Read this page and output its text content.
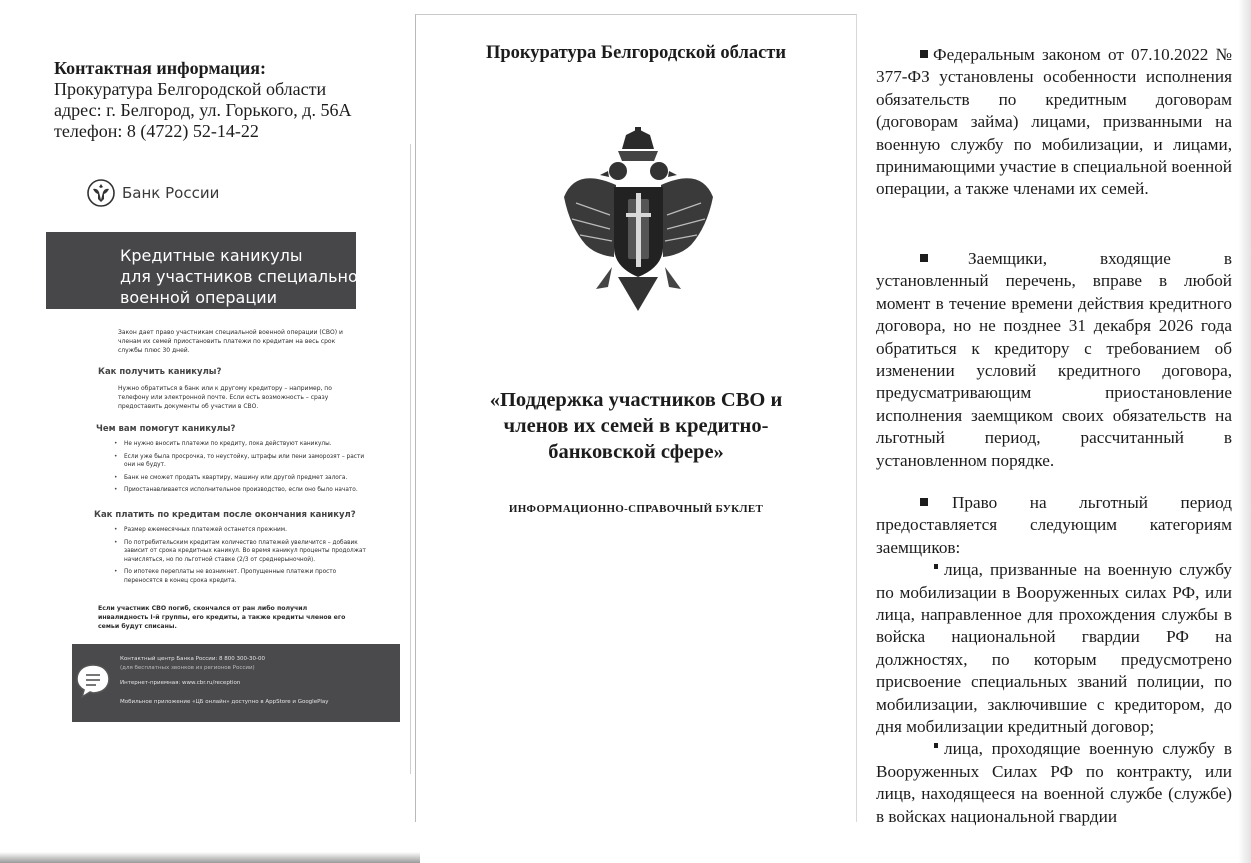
Контактная информация:
Прокуратура Белгородской области
адрес: г. Белгород, ул. Горького, д. 56А
телефон: 8 (4722) 52-14-22
Банк России
Кредитные каникулы
для участников специальной
военной операции
Закон дает право участникам специальной военной операции (СВО) и членам их семей приостановить платежи по кредитам на весь срок службы плюс 30 дней.
Как получить каникулы?
Нужно обратиться в банк или к другому кредитору – например, по телефону или электронной почте. Если есть возможность – сразу предоставить документы об участии в СВО.
Чем вам помогут каникулы?
• Не нужно вносить платежи по кредиту, пока действуют каникулы.
• Если уже была просрочка, то неустойку, штрафы или пени заморозят – расти они не будут.
• Банк не сможет продать квартиру, машину или другой предмет залога.
• Приостанавливается исполнительное производство, если оно было начато.
Как платить по кредитам после окончания каникул?
• Размер ежемесячных платежей останется прежним.
• По потребительским кредитам количество платежей увеличится – добавик зависит от срока кредитных каникул. Во время каникул проценты продолжат начисляться, но по льготной ставке (2/3 от среднерыночной).
• По ипотеке переплаты не возникнет. Пропущенные платежи просто переносятся в конец срока кредита.
Если участник СВО погиб, скончался от ран либо получил инвалидность I-й группы, его кредиты, а также кредиты членов его семьи будут списаны.
Контактный центр Банка России: 8 800 300-30-00
(для бесплатных звонков из регионов России)
Интернет-приемная: www.cbr.ru/reception
Мобильное приложение «ЦБ онлайн» доступно в AppStore и GooglePlay
Прокуратура Белгородской области
«Поддержка участников СВО и
членов их семей в кредитно-
банковской сфере»
ИНФОРМАЦИОННО-СПРАВОЧНЫЙ БУКЛЕТ

Федеральным законом от 07.10.2022 № 377-ФЗ установлены особенности исполнения обязательств по кредитным договорам (договорам займа) лицами, призванными на военную службу по мобилизации, и лицами, принимающими участие в специальной военной операции, а также членами их семей.

Заемщики, входящие в установленный перечень, вправе в любой момент в течение времени действия кредитного договора, но не позднее 31 декабря 2026 года обратиться к кредитору с требованием об изменении условий кредитного договора, предусматривающим приостановление исполнения заемщиком своих обязательств на льготный период, рассчитанный в установленном порядке.

Право на льготный период предоставляется следующим категориям заемщиков:

лица, призванные на военную службу по мобилизации в Вооруженных силах РФ, или лица, направленное для прохождения службы в войска национальной гвардии РФ на должностях, по которым предусмотрено присвоение специальных званий полиции, по мобилизации, заключившие с кредитором, до дня мобилизации кредитный договор;

лица, проходящие военную службу в Вооруженных Силах РФ по контракту, или лицв, находящееся на военной службе (службе) в войсках национальной гвардии
